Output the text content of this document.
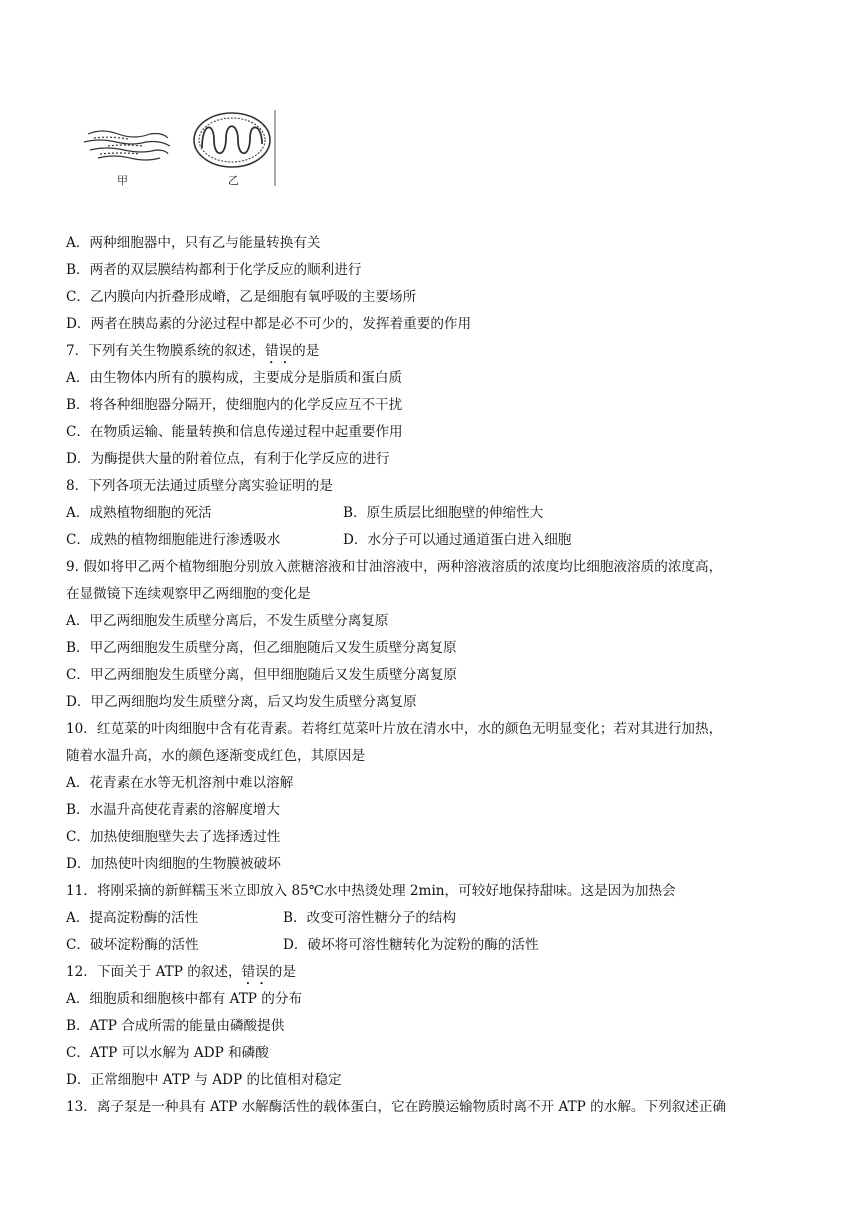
甲	乙
A．两种细胞器中，只有乙与能量转换有关
B．两者的双层膜结构都利于化学反应的顺利进行
C．乙内膜向内折叠形成嵴，乙是细胞有氧呼吸的主要场所
D．两者在胰岛素的分泌过程中都是必不可少的，发挥着重要的作用
7．下列有关生物膜系统的叙述，错误的是
A．由生物体内所有的膜构成，主要成分是脂质和蛋白质
B．将各种细胞器分隔开，使细胞内的化学反应互不干扰
C．在物质运输、能量转换和信息传递过程中起重要作用
D．为酶提供大量的附着位点，有利于化学反应的进行
8．下列各项无法通过质壁分离实验证明的是
A．成熟植物细胞的死活	B．原生质层比细胞壁的伸缩性大
C．成熟的植物细胞能进行渗透吸水	D．水分子可以通过通道蛋白进入细胞
9. 假如将甲乙两个植物细胞分别放入蔗糖溶液和甘油溶液中，两种溶液溶质的浓度均比细胞液溶质的浓度高，
在显微镜下连续观察甲乙两细胞的变化是
A．甲乙两细胞发生质壁分离后，不发生质壁分离复原
B．甲乙两细胞发生质壁分离，但乙细胞随后又发生质壁分离复原
C．甲乙两细胞发生质壁分离，但甲细胞随后又发生质壁分离复原
D．甲乙两细胞均发生质壁分离，后又均发生质壁分离复原
10．红苋菜的叶肉细胞中含有花青素。若将红苋菜叶片放在清水中，水的颜色无明显变化；若对其进行加热，
随着水温升高，水的颜色逐渐变成红色，其原因是
A．花青素在水等无机溶剂中难以溶解
B．水温升高使花青素的溶解度增大
C．加热使细胞壁失去了选择透过性
D．加热使叶肉细胞的生物膜被破坏
11．将刚采摘的新鲜糯玉米立即放入 85℃水中热烫处理 2min，可较好地保持甜味。这是因为加热会
A．提高淀粉酶的活性	B．改变可溶性糖分子的结构
C．破坏淀粉酶的活性	D．破坏将可溶性糖转化为淀粉的酶的活性
12．下面关于 ATP 的叙述，错误的是
A．细胞质和细胞核中都有 ATP 的分布
B．ATP 合成所需的能量由磷酸提供
C．ATP 可以水解为 ADP 和磷酸
D．正常细胞中 ATP 与 ADP 的比值相对稳定
13．离子泵是一种具有 ATP 水解酶活性的载体蛋白，它在跨膜运输物质时离不开 ATP 的水解。下列叙述正确
